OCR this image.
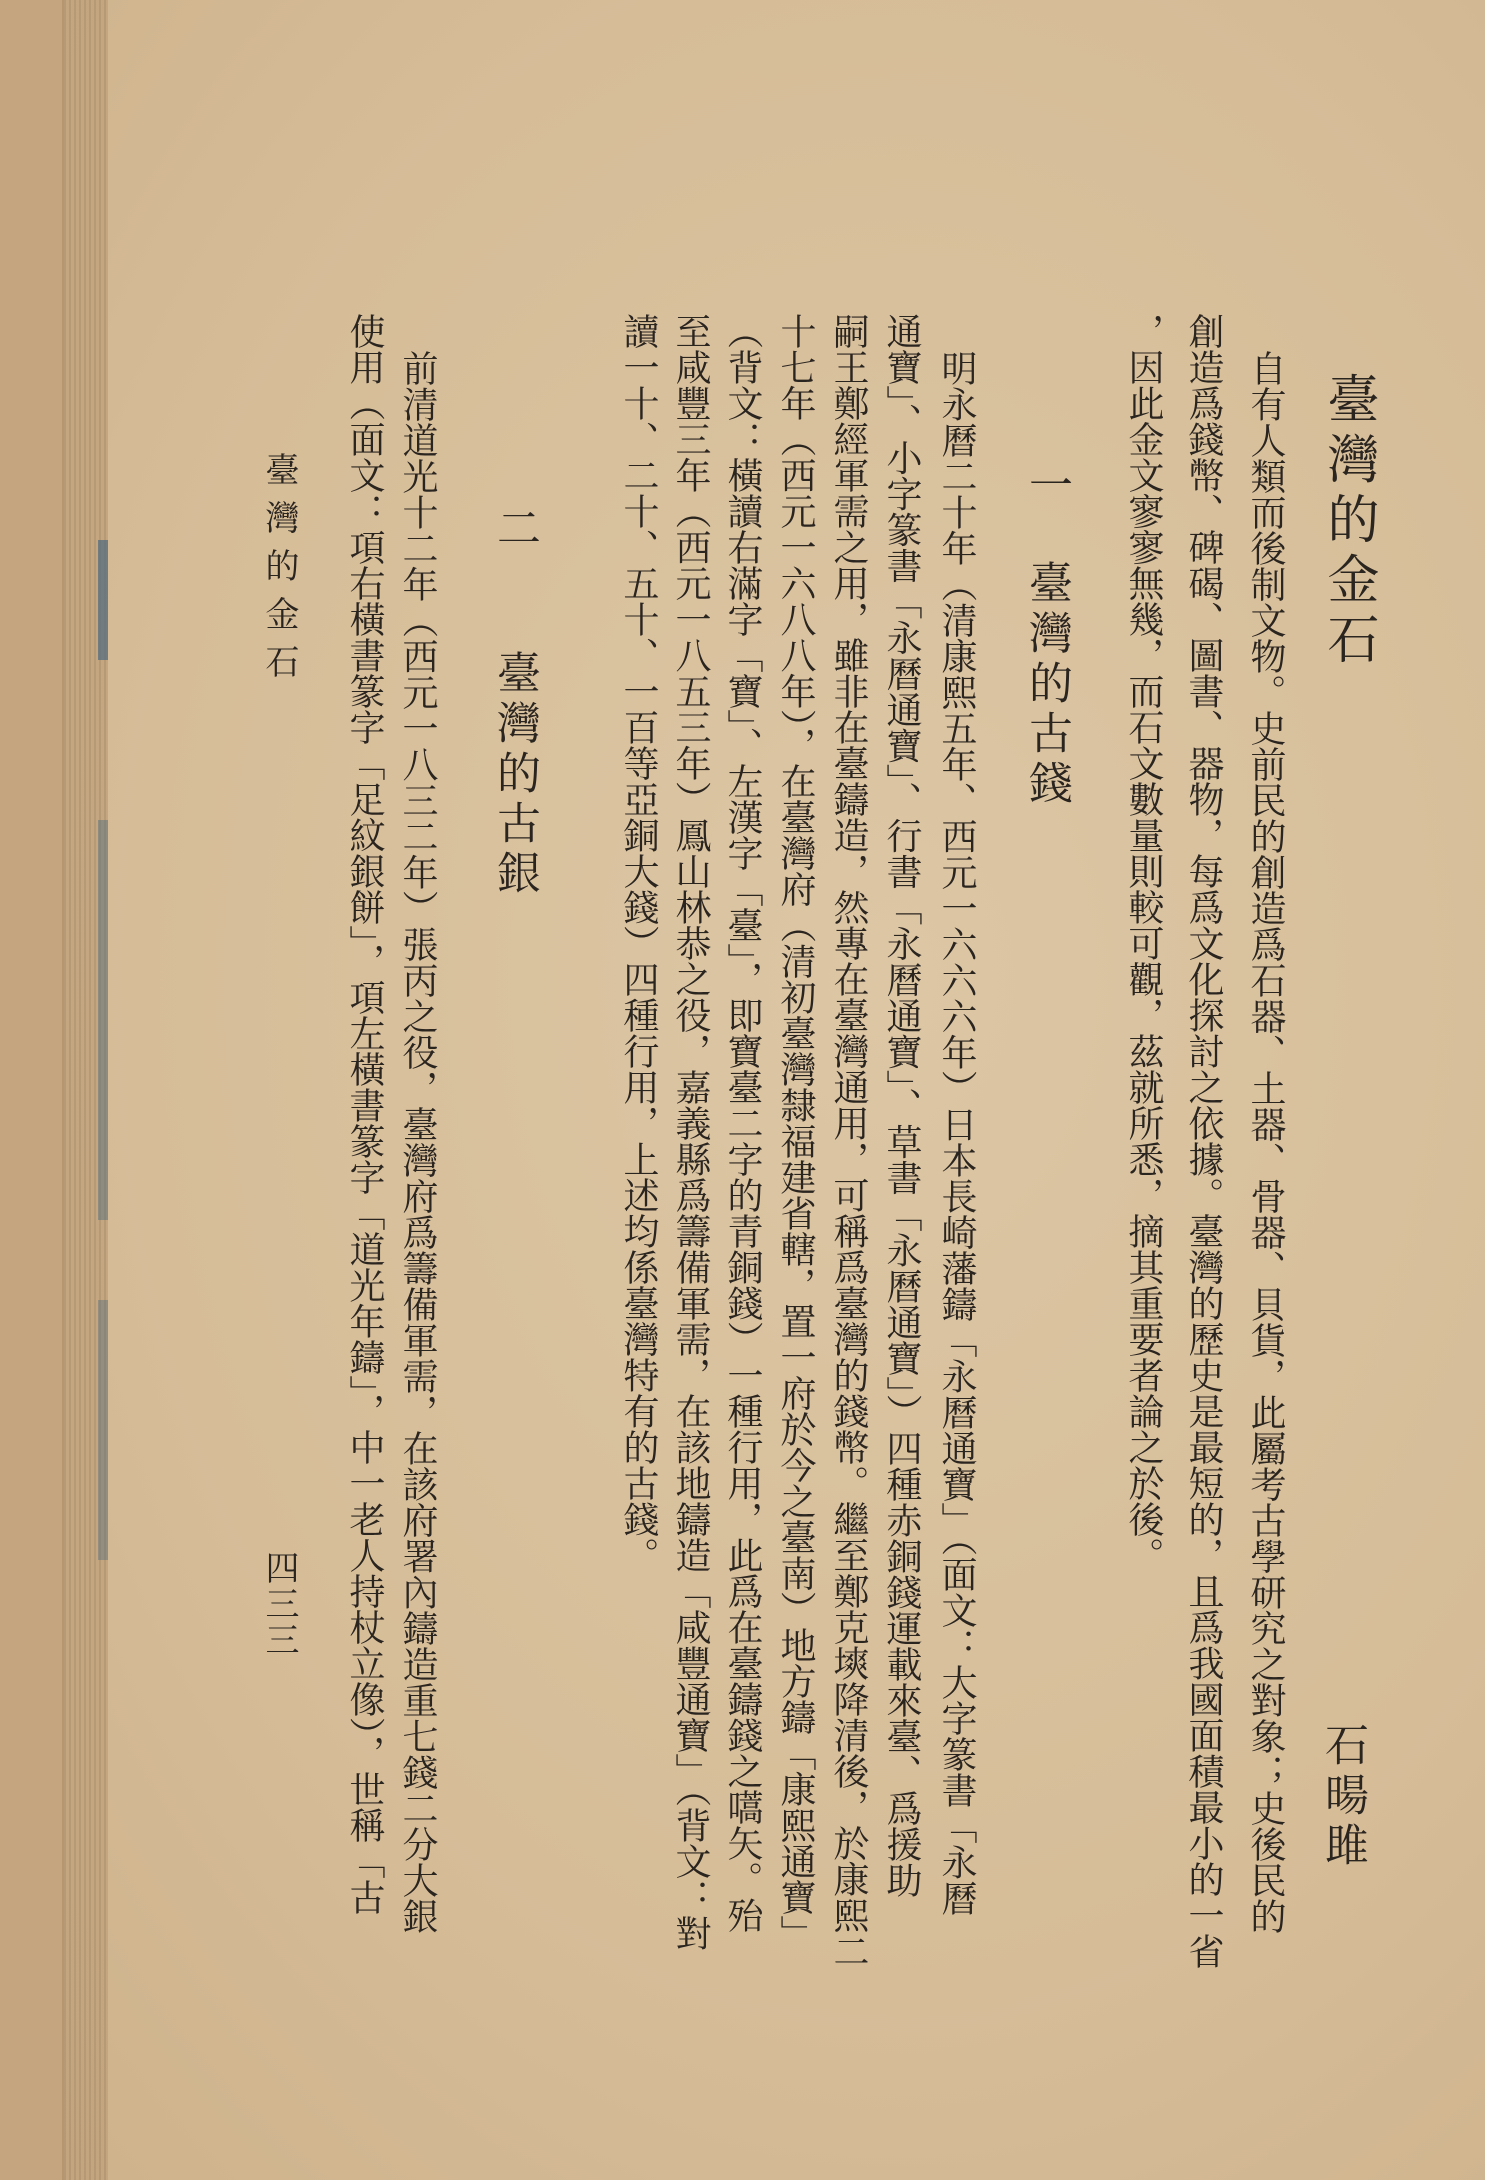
臺灣的金石
石暘雎
自有人類而後制文物。史前民的創造爲石器、土器、骨器、貝貨，此屬考古學研究之對象；史後民的
創造爲錢幣、碑碣、圖書、器物，每爲文化探討之依據。臺灣的歷史是最短的，且爲我國面積最小的一省
，因此金文寥寥無幾，而石文數量則較可觀，茲就所悉，摘其重要者論之於後。
一
臺灣的古錢
明永曆二十年（清康熙五年、西元一六六六年）日本長崎藩鑄「永曆通寶」（面文：大字篆書「永曆
通寶」、小字篆書「永曆通寶」、行書「永曆通寶」、草書「永曆通寶」）四種赤銅錢運載來臺、爲援助
嗣王鄭經軍需之用，雖非在臺鑄造，然專在臺灣通用，可稱爲臺灣的錢幣。繼至鄭克塽降清後，於康熙二
十七年（西元一六八八年），在臺灣府（清初臺灣隸福建省轄，置一府於今之臺南）地方鑄「康熙通寶」
（背文：橫讀右滿字「寶」、左漢字「臺」，即寶臺二字的青銅錢）一種行用，此爲在臺鑄錢之嚆矢。殆
至咸豐三年（西元一八五三年）鳳山林恭之役，嘉義縣爲籌備軍需，在該地鑄造「咸豐通寶」（背文：對
讀一十、二十、五十、一百等亞銅大錢）四種行用，上述均係臺灣特有的古錢。
二
臺灣的古銀
前清道光十二年（西元一八三二年）張丙之役，臺灣府爲籌備軍需，在該府署內鑄造重七錢二分大銀
使用（面文：項右橫書篆字「足紋銀餅」，項左橫書篆字「道光年鑄」，中一老人持杖立像），世稱「古
臺灣的金石
四三三
